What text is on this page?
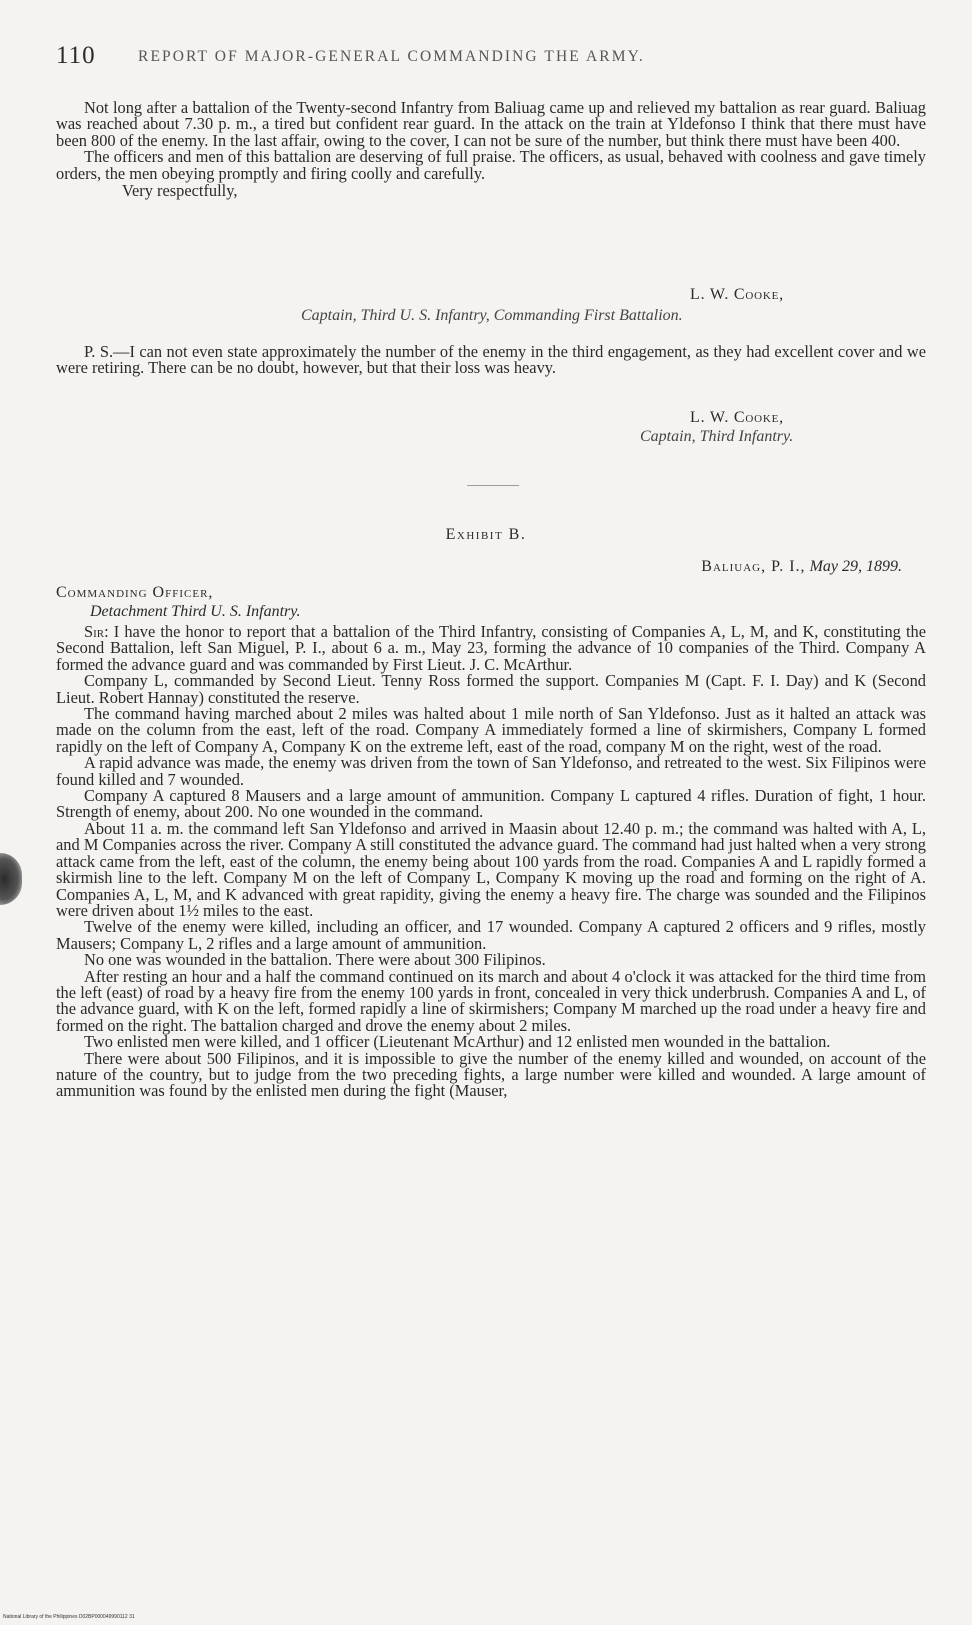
110	REPORT OF MAJOR-GENERAL COMMANDING THE ARMY.

Not long after a battalion of the Twenty-second Infantry from Baliuag came up and relieved my battalion as rear guard. Baliuag was reached about 7.30 p. m., a tired but confident rear guard. In the attack on the train at Yldefonso I think that there must have been 800 of the enemy. In the last affair, owing to the cover, I can not be sure of the number, but think there must have been 400.

The officers and men of this battalion are deserving of full praise. The officers, as usual, behaved with coolness and gave timely orders, the men obeying promptly and firing coolly and carefully.

Very respectfully,
L. W. Cooke,
Captain, Third U. S. Infantry, Commanding First Battalion.

P. S.—I can not even state approximately the number of the enemy in the third engagement, as they had excellent cover and we were retiring. There can be no doubt, however, but that their loss was heavy.

L. W. Cooke,
Captain, Third Infantry.
Exhibit B.
Baliuag, P. I., May 29, 1899.
Commanding Officer,
Detachment Third U. S. Infantry.

Sir: I have the honor to report that a battalion of the Third Infantry, consisting of Companies A, L, M, and K, constituting the Second Battalion, left San Miguel, P. I., about 6 a. m., May 23, forming the advance of 10 companies of the Third. Company A formed the advance guard and was commanded by First Lieut. J. C. McArthur.

Company L, commanded by Second Lieut. Tenny Ross formed the support. Companies M (Capt. F. I. Day) and K (Second Lieut. Robert Hannay) constituted the reserve.

The command having marched about 2 miles was halted about 1 mile north of San Yldefonso. Just as it halted an attack was made on the column from the east, left of the road. Company A immediately formed a line of skirmishers, Company L formed rapidly on the left of Company A, Company K on the extreme left, east of the road, company M on the right, west of the road.

A rapid advance was made, the enemy was driven from the town of San Yldefonso, and retreated to the west. Six Filipinos were found killed and 7 wounded.

Company A captured 8 Mausers and a large amount of ammunition. Company L captured 4 rifles. Duration of fight, 1 hour. Strength of enemy, about 200. No one wounded in the command.

About 11 a. m. the command left San Yldefonso and arrived in Maasin about 12.40 p. m.; the command was halted with A, L, and M Companies across the river. Company A still constituted the advance guard. The command had just halted when a very strong attack came from the left, east of the column, the enemy being about 100 yards from the road. Companies A and L rapidly formed a skirmish line to the left. Company M on the left of Company L, Company K moving up the road and forming on the right of A. Companies A, L, M, and K advanced with great rapidity, giving the enemy a heavy fire. The charge was sounded and the Filipinos were driven about 1½ miles to the east.

Twelve of the enemy were killed, including an officer, and 17 wounded. Company A captured 2 officers and 9 rifles, mostly Mausers; Company L, 2 rifles and a large amount of ammunition.

No one was wounded in the battalion. There were about 300 Filipinos.

After resting an hour and a half the command continued on its march and about 4 o'clock it was attacked for the third time from the left (east) of road by a heavy fire from the enemy 100 yards in front, concealed in very thick underbrush. Companies A and L, of the advance guard, with K on the left, formed rapidly a line of skirmishers; Company M marched up the road under a heavy fire and formed on the right. The battalion charged and drove the enemy about 2 miles.

Two enlisted men were killed, and 1 officer (Lieutenant McArthur) and 12 enlisted men wounded in the battalion.

There were about 500 Filipinos, and it is impossible to give the number of the enemy killed and wounded, on account of the nature of the country, but to judge from the two preceding fights, a large number were killed and wounded. A large amount of ammunition was found by the enlisted men during the fight (Mauser,

National Library of the Philippines D02BP000049990112 31
